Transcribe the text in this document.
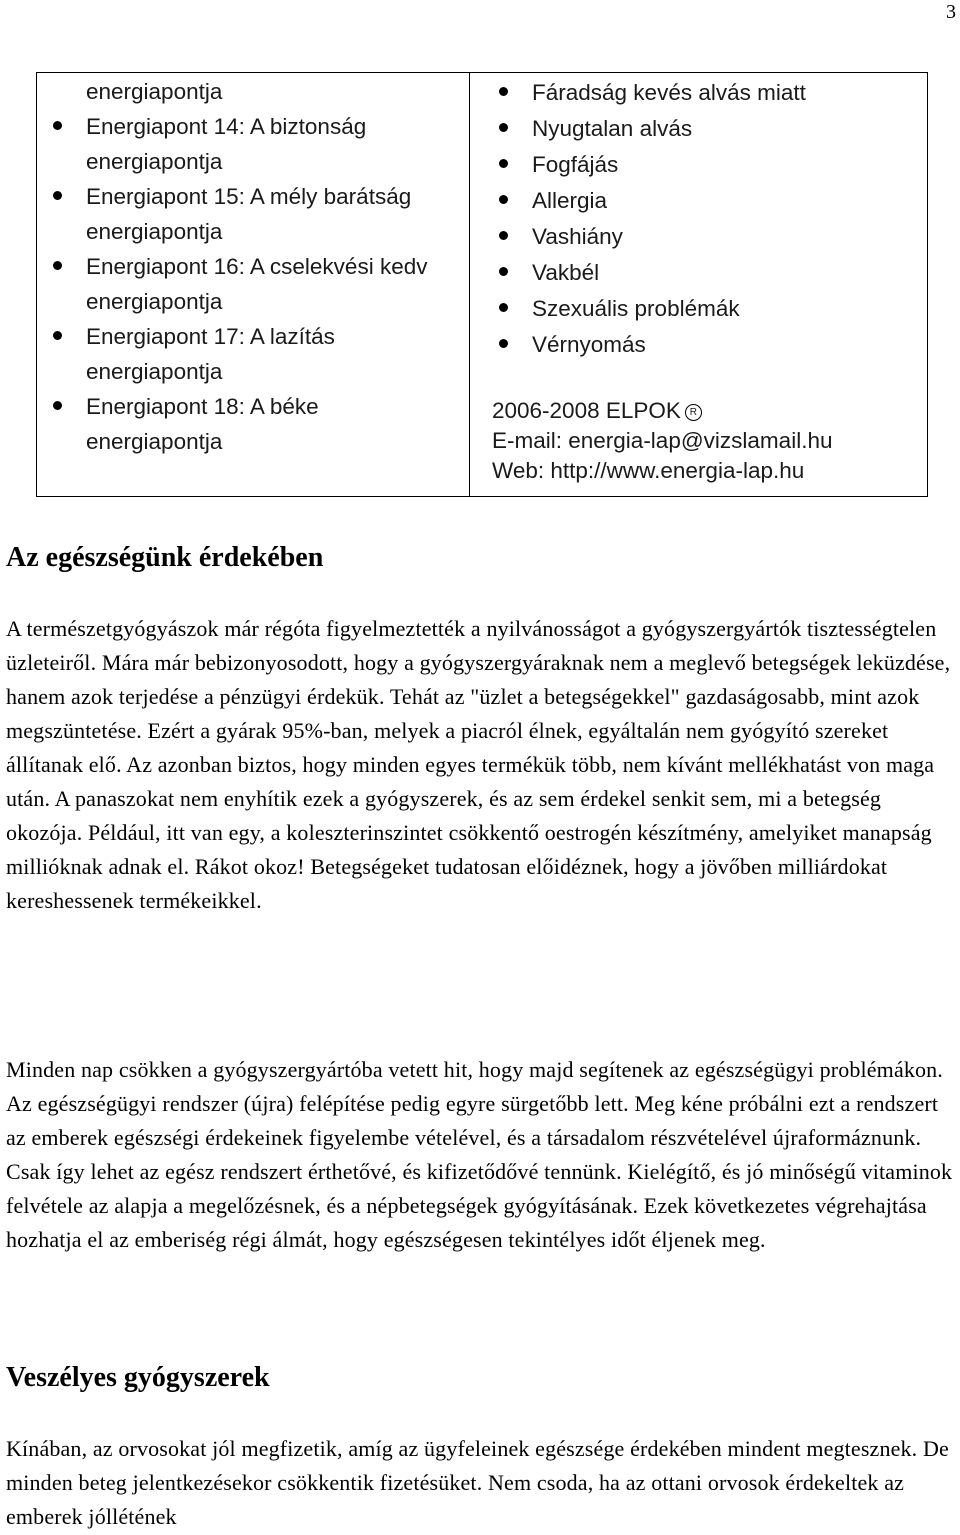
3
energiapontja
Energiapont 14: A biztonság energiapontja
Energiapont 15: A mély barátság energiapontja
Energiapont 16: A cselekvési kedv energiapontja
Energiapont 17: A lazítás energiapontja
Energiapont 18: A béke energiapontja
Fáradság kevés alvás miatt
Nyugtalan alvás
Fogfájás
Allergia
Vashiány
Vakbél
Szexuális problémák
Vérnyomás
2006-2008 ELPOK R
E-mail: energia-lap@vizslamail.hu
Web: http://www.energia-lap.hu
Az egészségünk érdekében

A természetgyógyászok már régóta figyelmeztették a nyilvánosságot a gyógyszergyártók tisztességtelen üzleteiről. Mára már bebizonyosodott, hogy a gyógyszergyáraknak nem a meglevő betegségek leküzdése, hanem azok terjedése a pénzügyi érdekük. Tehát az "üzlet a betegségekkel" gazdaságosabb, mint azok megszüntetése. Ezért a gyárak 95%-ban, melyek a piacról élnek, egyáltalán nem gyógyító szereket állítanak elő. Az azonban biztos, hogy minden egyes termékük több, nem kívánt mellékhatást von maga után. A panaszokat nem enyhítik ezek a gyógyszerek, és az sem érdekel senkit sem, mi a betegség okozója. Például, itt van egy, a koleszterinszintet csökkentő oestrogén készítmény, amelyiket manapság millióknak adnak el. Rákot okoz! Betegségeket tudatosan előidéznek, hogy a jövőben milliárdokat kereshessenek termékeikkel.

Minden nap csökken a gyógyszergyártóba vetett hit, hogy majd segítenek az egészségügyi problémákon. Az egészségügyi rendszer (újra) felépítése pedig egyre sürgetőbb lett. Meg kéne próbálni ezt a rendszert az emberek egészségi érdekeinek figyelembe vételével, és a társadalom részvételével újraformáznunk. Csak így lehet az egész rendszert érthetővé, és kifizetődővé tennünk. Kielégítő, és jó minőségű vitaminok felvétele az alapja a megelőzésnek, és a népbetegségek gyógyításának. Ezek következetes végrehajtása hozhatja el az emberiség régi álmát, hogy egészségesen tekintélyes időt éljenek meg.

Veszélyes gyógyszerek

Kínában, az orvosokat jól megfizetik, amíg az ügyfeleinek egészsége érdekében mindent megtesznek. De minden beteg jelentkezésekor csökkentik fizetésüket. Nem csoda, ha az ottani orvosok érdekeltek az emberek jóllétének
